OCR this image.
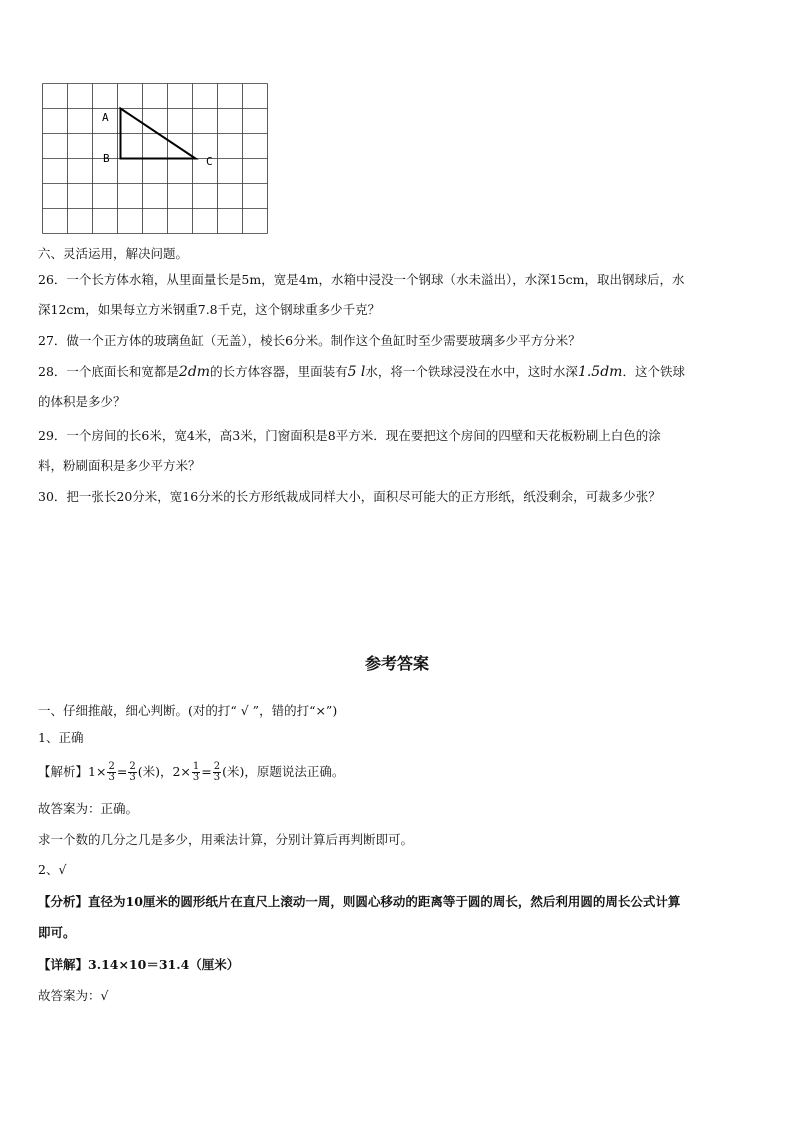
A
B	C
六、灵活运用，解决问题。
26．一个长方体水箱，从里面量长是5m，宽是4m，水箱中浸没一个钢球（水未溢出），水深15cm，取出钢球后，水
深12cm，如果每立方米钢重7.8千克，这个钢球重多少千克？
27．做一个正方体的玻璃鱼缸（无盖），棱长6分米。制作这个鱼缸时至少需要玻璃多少平方分米？
28．一个底面长和宽都是2dm的长方体容器，里面装有5 l水，将一个铁球浸没在水中，这时水深1.5dm．这个铁球
的体积是多少？
29．一个房间的长6米，宽4米，高3米，门窗面积是8平方米．现在要把这个房间的四壁和天花板粉刷上白色的涂
料，粉刷面积是多少平方米？
30．把一张长20分米，宽16分米的长方形纸裁成同样大小，面积尽可能大的正方形纸，纸没剩余，可裁多少张？
参考答案
一、仔细推敲，细心判断。(对的打“ √ ”，错的打“×”)
1、正确
【解析】$1\times \frac{2}{3} = \frac{2}{3}$ (米)，$2\times \frac{1}{3} = \frac{2}{3}$ (米)，原题说法正确。
故答案为：正确。
求一个数的几分之几是多少，用乘法计算，分别计算后再判断即可。
2、√
【分析】直径为10厘米的圆形纸片在直尺上滚动一周，则圆心移动的距离等于圆的周长，然后利用圆的周长公式计算
即可。
【详解】3.14×10＝31.4（厘米）
故答案为：√
